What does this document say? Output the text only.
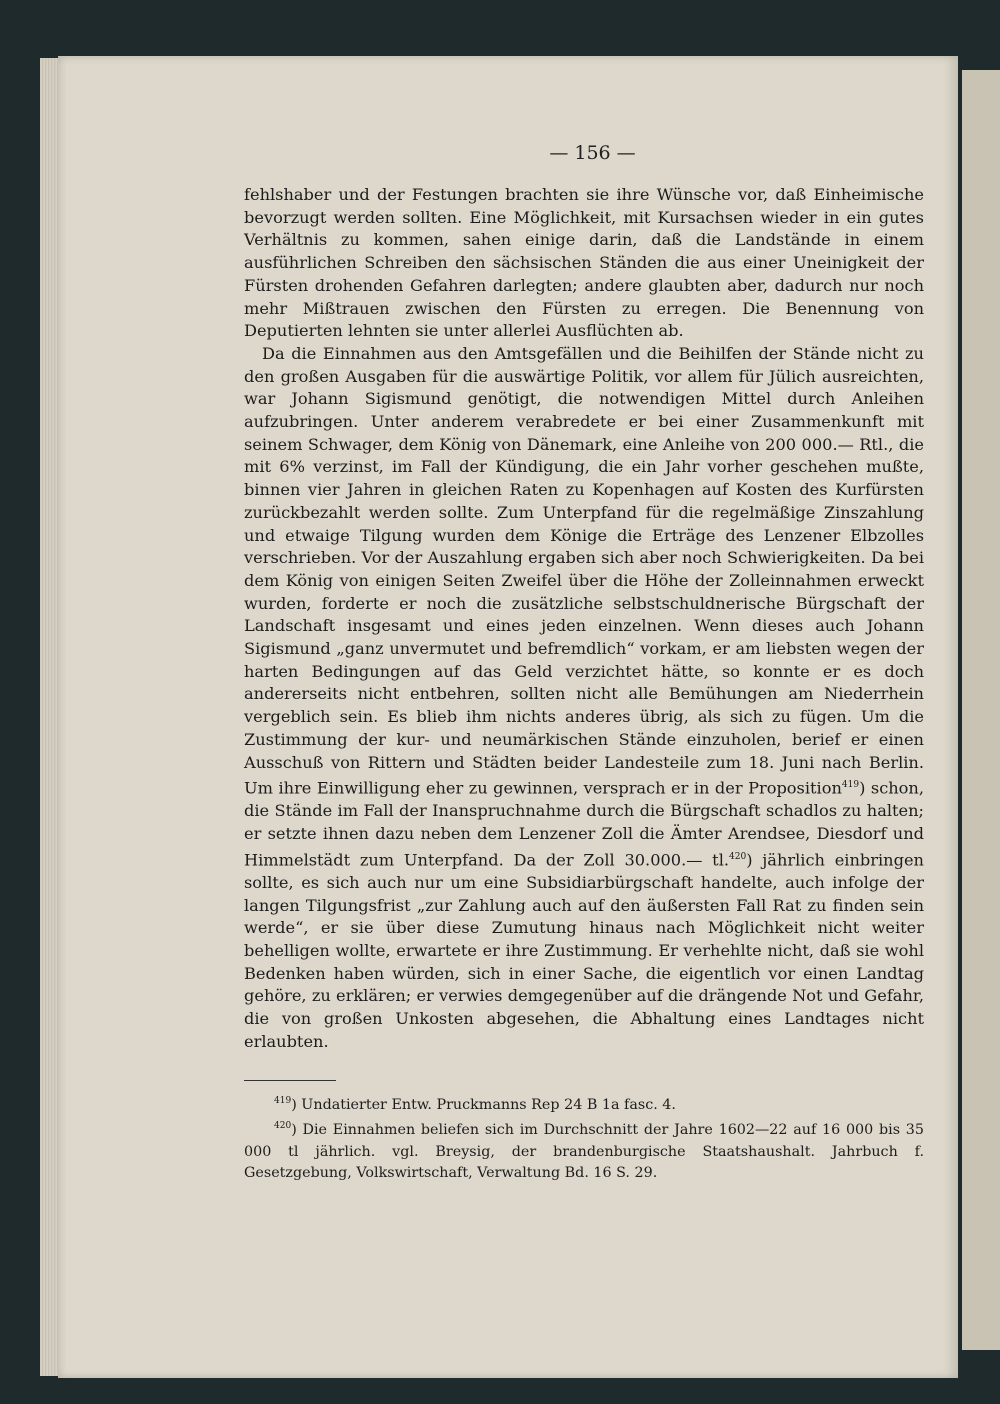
— 156 —

fehlshaber und der Festungen brachten sie ihre Wünsche vor, daß Einheimische bevorzugt werden sollten. Eine Möglichkeit, mit Kursachsen wieder in ein gutes Verhältnis zu kommen, sahen einige darin, daß die Landstände in einem ausführlichen Schreiben den sächsischen Ständen die aus einer Uneinigkeit der Fürsten drohenden Gefahren darlegten; andere glaubten aber, dadurch nur noch mehr Mißtrauen zwischen den Fürsten zu erregen. Die Benennung von Deputierten lehnten sie unter allerlei Ausflüchten ab.

Da die Einnahmen aus den Amtsgefällen und die Beihilfen der Stände nicht zu den großen Ausgaben für die auswärtige Politik, vor allem für Jülich ausreichten, war Johann Sigismund genötigt, die notwendigen Mittel durch Anleihen aufzubringen. Unter anderem verabredete er bei einer Zusammenkunft mit seinem Schwager, dem König von Dänemark, eine Anleihe von 200 000.— Rtl., die mit 6% verzinst, im Fall der Kündigung, die ein Jahr vorher geschehen mußte, binnen vier Jahren in gleichen Raten zu Kopenhagen auf Kosten des Kurfürsten zurückbezahlt werden sollte. Zum Unterpfand für die regelmäßige Zinszahlung und etwaige Tilgung wurden dem Könige die Erträge des Lenzener Elbzolles verschrieben. Vor der Auszahlung ergaben sich aber noch Schwierigkeiten. Da bei dem König von einigen Seiten Zweifel über die Höhe der Zolleinnahmen erweckt wurden, forderte er noch die zusätzliche selbstschuldnerische Bürgschaft der Landschaft insgesamt und eines jeden einzelnen. Wenn dieses auch Johann Sigismund „ganz unvermutet und befremdlich“ vorkam, er am liebsten wegen der harten Bedingungen auf das Geld verzichtet hätte, so konnte er es doch andererseits nicht entbehren, sollten nicht alle Bemühungen am Niederrhein vergeblich sein. Es blieb ihm nichts anderes übrig, als sich zu fügen. Um die Zustimmung der kur- und neumärkischen Stände einzuholen, berief er einen Ausschuß von Rittern und Städten beider Landesteile zum 18. Juni nach Berlin. Um ihre Einwilligung eher zu gewinnen, versprach er in der Proposition$^{419}$) schon, die Stände im Fall der Inanspruchnahme durch die Bürgschaft schadlos zu halten; er setzte ihnen dazu neben dem Lenzener Zoll die Ämter Arendsee, Diesdorf und Himmelstädt zum Unterpfand. Da der Zoll 30.000.— tl.$^{420}$) jährlich einbringen sollte, es sich auch nur um eine Subsidiarbürgschaft handelte, auch infolge der langen Tilgungsfrist „zur Zahlung auch auf den äußersten Fall Rat zu finden sein werde“, er sie über diese Zumutung hinaus nach Möglichkeit nicht weiter behelligen wollte, erwartete er ihre Zustimmung. Er verhehlte nicht, daß sie wohl Bedenken haben würden, sich in einer Sache, die eigentlich vor einen Landtag gehöre, zu erklären; er verwies demgegenüber auf die drängende Not und Gefahr, die von großen Unkosten abgesehen, die Abhaltung eines Landtages nicht erlaubten.

$^{419}$) Undatierter Entw. Pruckmanns Rep 24 B 1a fasc. 4.

$^{420}$) Die Einnahmen beliefen sich im Durchschnitt der Jahre 1602—22 auf 16 000 bis 35 000 tl jährlich. vgl. Breysig, der brandenburgische Staatshaushalt. Jahrbuch f. Gesetzgebung, Volkswirtschaft, Verwaltung Bd. 16 S. 29.
